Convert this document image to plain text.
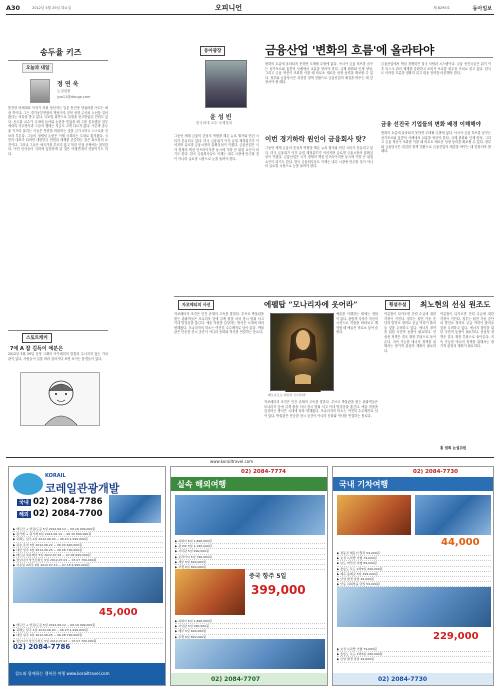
A30	2012년 5월 29일 화요일	오피니언	제 8295호	동아일보
송두율 키즈
오늘과 내일
정 연 욱
논설위원
jyw11@donga.com
통진당 비례대표 이석기 의원 당선자는 일본 통진당 당권파를 이끄는 좌장 격이다. 그는 경기동부연합의 핵심이자 친북 성향 주사파 노선을 걸어왔다는 의혹을 받고 있다. 국보법 위반으로 실형을 선고받았던 전력도 있다. 송두율 교수가 국내에 들어와 논란을 빚었을 때 그를 옹호했던 일부 세력의 사고방식과 그들의 행태는 지금도 크게 다르지 않다. 이른바 송두율 키즈라 불리는 이들은 북한을 비판하는 것을 금기시하고 스스로를 진보라 부른다. 그들의 정체성 논란은 이제 국회라는 무대로 옮겨왔다. 국민의 대표가 되려면 대한민국 헌법과 체제를 존중하는 것은 최소한의 요건이다. 그러나 그들은 애국가를 부르지 않고 북한 인권 문제에는 침묵한다. 이런 인사들이 국회에 입성하게 된 것은 야권연대의 산물이기도 하다.
스토트캐커
7에 A 잡 김득이 에분은
2012년 5월 29일 김영 그래의 아카데미의 말씀과 무너지지 않는 가치관이 있다. 사람들이 길을 따라 걸어가다 보면 보이는 풍경들이 있다.
동아광장
윤 성 빈
한국외대 교수·국제정치
금융산업 '변화의 흐름'에 올라타야
그동안 세계 금융의 중심지 역할을 해온 뉴욕 월가와 런던 시티가 흔들리고 있다. 미국 금융위기 이후 유럽 재정위기가 이어지며 글로벌 금융시장의 불확실성이 커졌다. 금융산업은 국가 경제의 핵심 인프라이지만 동시에 가장 큰 위험 요인이 되기도 한다. 한국 금융회사들도 이제는 내수 시장에 안주할 것이 아니라 글로벌 시장으로 눈을 돌려야 한다.
이번 경기하락 원인이 금융회사 탓?
변화의 흐름에 올라타지 못하면 도태될 수밖에 없다. 아시아 금융 허브를 꿈꾸는 싱가포르와 홍콩의 사례에서 교훈을 얻어야 한다. 규제 완화와 인재 양성, 그리고 금융 혁신이 조화를 이룰 때 비로소 새로운 성장 동력을 확보할 수 있다. 정부와 금융당국은 과감한 정책 전환으로 금융산업의 체질을 바꾸는 데 앞장서야 할 때다.
그동안 세계 금융의 중심지 역할을 해온 뉴욕 월가와 런던 시티가 흔들리고 있다. 미국 금융위기 이후 유럽 재정위기가 이어지며 글로벌 금융시장의 불확실성이 커졌다. 금융산업은 국가 경제의 핵심 인프라이지만 동시에 가장 큰 위험 요인이 되기도 한다. 한국 금융회사들도 이제는 내수 시장에 안주할 것이 아니라 글로벌 시장으로 눈을 돌려야 한다.
금융산업에서 핵심 경쟁력은 결국 사람과 시스템이다. 금융 선진국들은 위기 이후 리스크 관리 체계를 강화하고 소비자 보호를 최우선 가치로 삼고 있다. 한국도 이러한 흐름을 정확히 읽고 대응 전략을 마련해야 한다.
금융 선진국 기업들의 변화 배경 이해해야
변화의 흐름에 올라타지 못하면 도태될 수밖에 없다. 아시아 금융 허브를 꿈꾸는 싱가포르와 홍콩의 사례에서 교훈을 얻어야 한다. 규제 완화와 인재 양성, 그리고 금융 혁신이 조화를 이룰 때 비로소 새로운 성장 동력을 확보할 수 있다. 정부와 금융당국은 과감한 정책 전환으로 금융산업의 체질을 바꾸는 데 앞장서야 할 때다.
자코메티의 사선	에펠탑 “모나리자에 웃어라”
자코메티의 조각은 인간 존재의 고독을 말한다. 루브르 박물관을 찾는 관광객들은 모나리자 앞에 길게 줄을 서서 잠시 멈춰 서고 이내 발걸음을 옮긴다. 예술 작품을 감상하는 방식은 시대에 따라 변해왔다. 모나리자의 미소는 여전히 수수께끼로 남아 있다. 박물관은 단순한 전시 공간이 아니라 문화와 역사를 연결하는 통로다.
레오나르도 다빈치 ‘모나리자’
예술을 이해하는 데에는 정답이 없다. 관람객 각자가 자신의 시선으로 작품을 바라보고 해석할 때 예술은 비로소 살아 숨 쉰다.
자코메티의 조각은 인간 존재의 고독을 말한다. 루브르 박물관을 찾는 관광객들은 모나리자 앞에 길게 줄을 서서 잠시 멈춰 서고 이내 발걸음을 옮긴다. 예술 작품을 감상하는 방식은 시대에 따라 변해왔다. 모나리자의 미소는 여전히 수수께끼로 남아 있다. 박물관은 단순한 전시 공간이 아니라 문화와 역사를 연결하는 통로다.
횡설수설	최노현의 선심 원조도
여름철이 다가오면 전력 수급에 대한 걱정이 커진다. 정부는 원전 가동 중단과 발전소 정비로 공급 여력이 줄어들 것을 우려하고 있다. 에너지 절약을 위한 국민적 동참이 필요하다. 선심성 정책은 결국 재정 부담으로 돌아온다. 지속 가능한 에너지 정책을 위해서는 장기적 관점의 계획이 필요하다.
여름철이 다가오면 전력 수급에 대한 걱정이 커진다. 정부는 원전 가동 중단과 발전소 정비로 공급 여력이 줄어들 것을 우려하고 있다. 에너지 절약을 위한 국민적 동참이 필요하다. 선심성 정책은 결국 재정 부담으로 돌아온다. 지속 가능한 에너지 정책을 위해서는 장기적 관점의 계획이 필요하다.
홍 권희 논설위원
www.koraiItravel.com
KORAIL
코레일관광개발
국내 02) 2084-7786
해외 02) 2084-7700
▶ 백두산 + 연길/도문 5일 2012.06.12 ~ 06.16 999,000원
▶ 장가계 + 원가계 6일 2012.06.14 ~ 06.19 899,000원
▶ 북해도 일주 4일 2012.06.20 ~ 06.23 1,290,000원
▶ 큐슈 온천 3일 2012.06.22 ~ 06.24 690,000원
▶ 대만 일주 4일 2012.06.25 ~ 06.28 790,000원
▶ 베트남 하롱베이 5일 2012.07.02 ~ 07.06 699,000원
▶ 캄보디아 앙코르와트 5일 2012.07.03 ~ 07.07 799,000원
▶ 서유럽 4개국 9일 2012.07.10 ~ 07.18 2,990,000원
45,000
▶ 백두산 + 연길/도문 5일 2012.06.12 ~ 06.16 999,000원
▶ 북해도 일주 4일 2012.06.20 ~ 06.23 1,290,000원
▶ 대만 일주 4일 2012.06.25 ~ 06.28 790,000원
▶ 캄보디아 앙코르와트 5일 2012.07.03 ~ 07.07 799,000원
02) 2084-7786
철도와 함께하는 행복한 여행 www.korailtravel.com
02) 2084-7774
실속 해외여행
▶ 하와이 6일 1,890,000원
▶ 괌 PIC 5일 1,190,000원
▶ 사이판 5일 990,000원
▶ 보라카이 5일 790,000원
▶ 세부 5일 690,000원
▶ 푸켓 6일 890,000원
중국 항주 5일
399,000
▶ 하와이 6일 1,890,000원
▶ 사이판 5일 990,000원
▶ 세부 5일 690,000원
▶ 푸켓 6일 890,000원
02) 2084-7707
02) 2084-7730
국내 기차여행
44,000
▶ 정동진 해돋이 열차 59,000원
▶ 보성 녹차밭 기행 79,000원
▶ 남도 바닷길 여행 89,000원
▶ 울릉도 독도 2박3일 299,000원
▶ 제주 올레길 3일 399,000원
▶ 단양 팔경 당일 49,000원
▶ 안동 하회마을 당일 59,000원
229,000
▶ 보성 녹차밭 기행 79,000원
▶ 울릉도 독도 2박3일 299,000원
▶ 단양 팔경 당일 49,000원
02) 2084-7730
